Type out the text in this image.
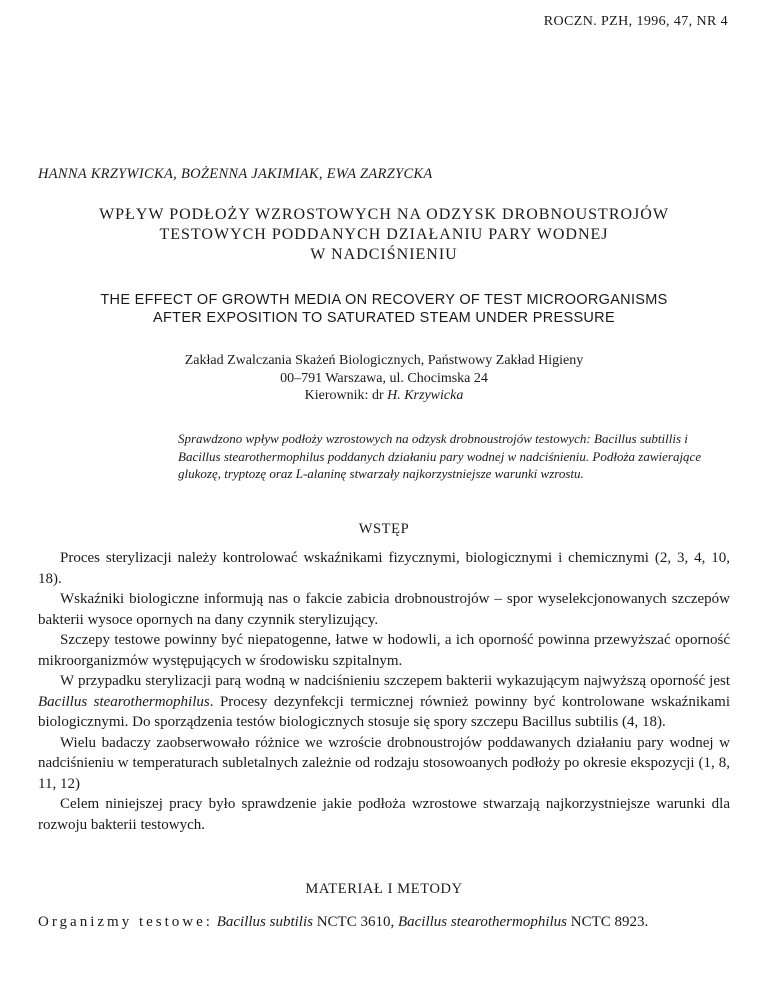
ROCZN. PZH, 1996, 47, NR 4
HANNA KRZYWICKA, BOŻENNA JAKIMIAK, EWA ZARZYCKA
WPŁYW PODŁOŻY WZROSTOWYCH NA ODZYSK DROBNOUSTROJÓW
TESTOWYCH PODDANYCH DZIAŁANIU PARY WODNEJ
W NADCIŚNIENIU
THE EFFECT OF GROWTH MEDIA ON RECOVERY OF TEST MICROORGANISMS
AFTER EXPOSITION TO SATURATED STEAM UNDER PRESSURE
Zakład Zwalczania Skażeń Biologicznych, Państwowy Zakład Higieny
00–791 Warszawa, ul. Chocimska 24
Kierownik: dr H. Krzywicka
Sprawdzono wpływ podłoży wzrostowych na odzysk drobnoustrojów testowych: Bacillus subtillis i Bacillus stearothermophilus poddanych działaniu pary wodnej w nadciśnieniu. Podłoża zawierające glukozę, tryptozę oraz L-alaninę stwarzały najkorzystniejsze warunki wzrostu.
WSTĘP

Proces sterylizacji należy kontrolować wskaźnikami fizycznymi, biologicznymi i chemicznymi (2, 3, 4, 10, 18).

Wskaźniki biologiczne informują nas o fakcie zabicia drobnoustrojów – spor wyselekcjonowanych szczepów bakterii wysoce opornych na dany czynnik sterylizujący.

Szczepy testowe powinny być niepatogenne, łatwe w hodowli, a ich oporność powinna przewyższać oporność mikroorganizmów występujących w środowisku szpitalnym.

W przypadku sterylizacji parą wodną w nadciśnieniu szczepem bakterii wykazującym najwyższą oporność jest Bacillus stearothermophilus. Procesy dezynfekcji termicznej również powinny być kontrolowane wskaźnikami biologicznymi. Do sporządzenia testów biologicznych stosuje się spory szczepu Bacillus subtilis (4, 18).

Wielu badaczy zaobserwowało różnice we wzroście drobnoustrojów poddawanych działaniu pary wodnej w nadciśnieniu w temperaturach subletalnych zależnie od rodzaju stosowoanych podłoży po okresie ekspozycji (1, 8, 11, 12)

Celem niniejszej pracy było sprawdzenie jakie podłoża wzrostowe stwarzają najkorzystniejsze warunki dla rozwoju bakterii testowych.

MATERIAŁ I METODY
Organizmy testowe: Bacillus subtilis NCTC 3610, Bacillus stearothermophilus NCTC 8923.
